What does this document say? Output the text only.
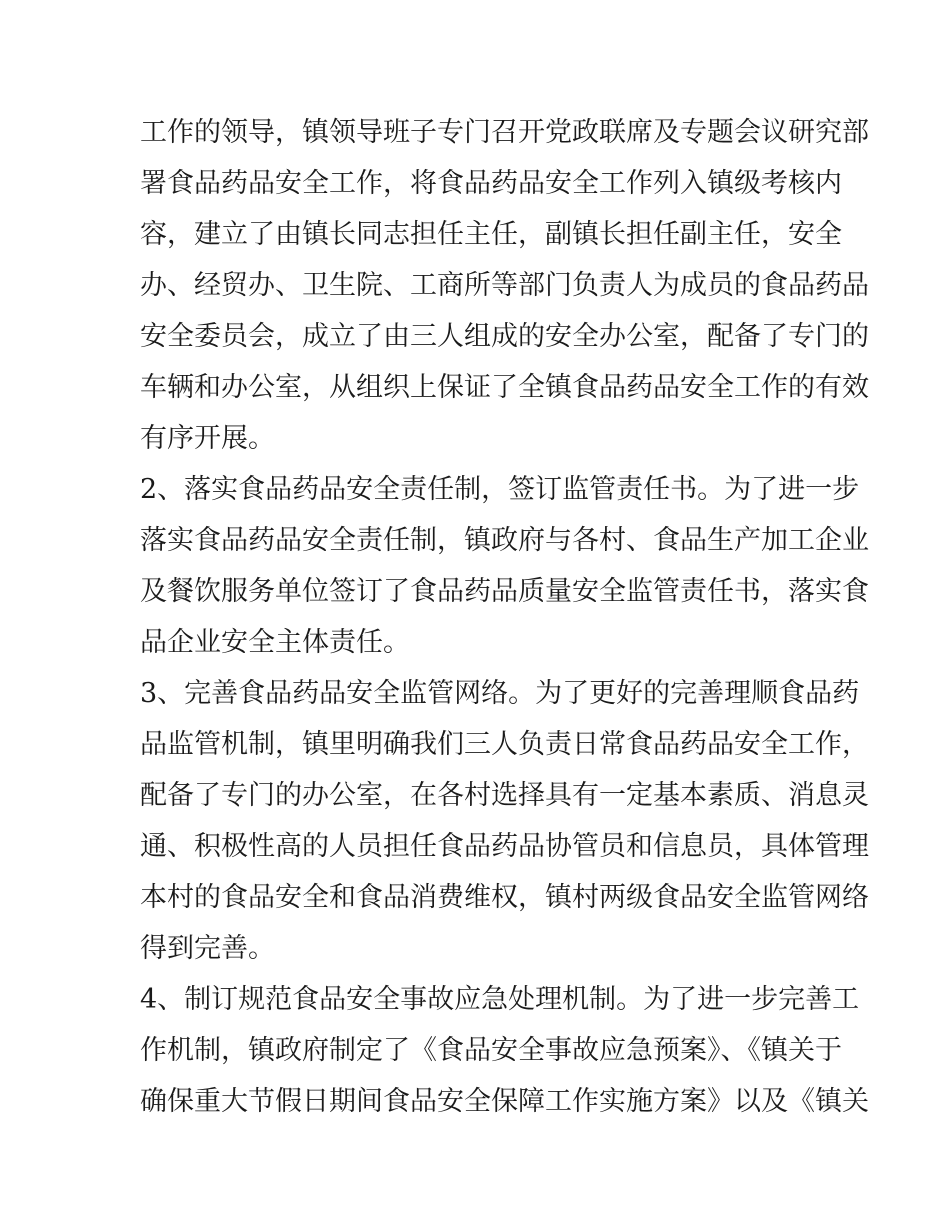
工作的领导，镇领导班子专门召开党政联席及专题会议研究部
署食品药品安全工作，将食品药品安全工作列入镇级考核内
容，建立了由镇长同志担任主任，副镇长担任副主任，安全
办、经贸办、卫生院、工商所等部门负责人为成员的食品药品
安全委员会，成立了由三人组成的安全办公室，配备了专门的
车辆和办公室，从组织上保证了全镇食品药品安全工作的有效
有序开展。
2、落实食品药品安全责任制，签订监管责任书。为了进一步
落实食品药品安全责任制，镇政府与各村、食品生产加工企业
及餐饮服务单位签订了食品药品质量安全监管责任书，落实食
品企业安全主体责任。
3、完善食品药品安全监管网络。为了更好的完善理顺食品药
品监管机制，镇里明确我们三人负责日常食品药品安全工作，
配备了专门的办公室，在各村选择具有一定基本素质、消息灵
通、积极性高的人员担任食品药品协管员和信息员，具体管理
本村的食品安全和食品消费维权，镇村两级食品安全监管网络
得到完善。
4、制订规范食品安全事故应急处理机制。为了进一步完善工
作机制，镇政府制定了《食品安全事故应急预案》、《镇关于
确保重大节假日期间食品安全保障工作实施方案》以及《镇关
